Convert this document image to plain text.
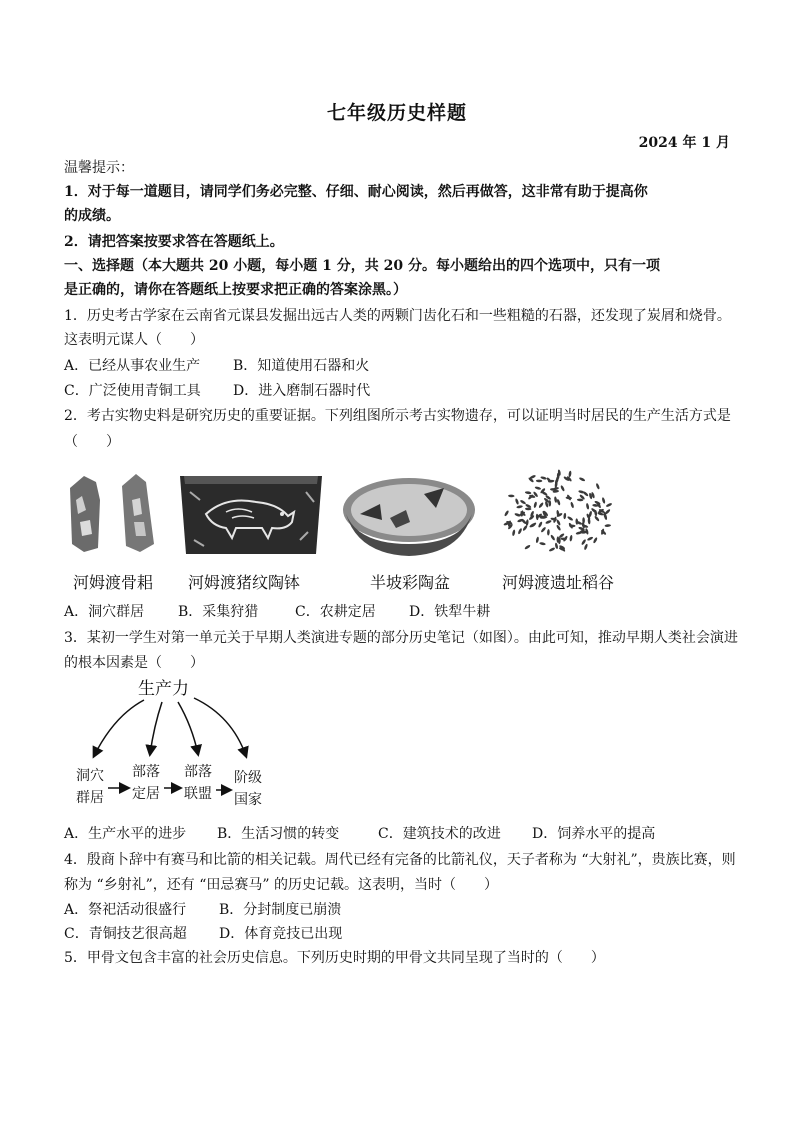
七年级历史样题
2024 年 1 月
温馨提示：
1．对于每一道题目，请同学们务必完整、仔细、耐心阅读，然后再做答，这非常有助于提高你
的成绩。
2．请把答案按要求答在答题纸上。
一、选择题（本大题共 20 小题，每小题 1 分，共 20 分。每小题给出的四个选项中，只有一项
是正确的，请你在答题纸上按要求把正确的答案涂黑。）
1．历史考古学家在云南省元谋县发掘出远古人类的两颗门齿化石和一些粗糙的石器，还发现了炭屑和烧骨。
这表明元谋人（　　）
A．已经从事农业生产 B．知道使用石器和火
C．广泛使用青铜工具 D．进入磨制石器时代
2．考古实物史料是研究历史的重要证据。下列组图所示考古实物遗存，可以证明当时居民的生产生活方式是
（　　）
河姆渡骨耜 河姆渡猪纹陶钵	半坡彩陶盆	河姆渡遗址稻谷
A．洞穴群居 B．采集狩猎	C．农耕定居 D．铁犁牛耕
3．某初一学生对第一单元关于早期人类演进专题的部分历史笔记（如图）。由此可知，推动早期人类社会演进
的根本因素是（　　）
生产力
洞穴
群居
部落
定居
部落
联盟
阶级
国家
A．生产水平的进步 B．生活习惯的转变	C．建筑技术的改进 D．饲养水平的提高
4．殷商卜辞中有赛马和比箭的相关记载。周代已经有完备的比箭礼仪，天子者称为 “大射礼”，贵族比赛，则
称为 “乡射礼”，还有 “田忌赛马” 的历史记载。这表明，当时（　　）
A．祭祀活动很盛行 B．分封制度已崩溃
C．青铜技艺很高超 D．体育竞技已出现
5．甲骨文包含丰富的社会历史信息。下列历史时期的甲骨文共同呈现了当时的（　　）
